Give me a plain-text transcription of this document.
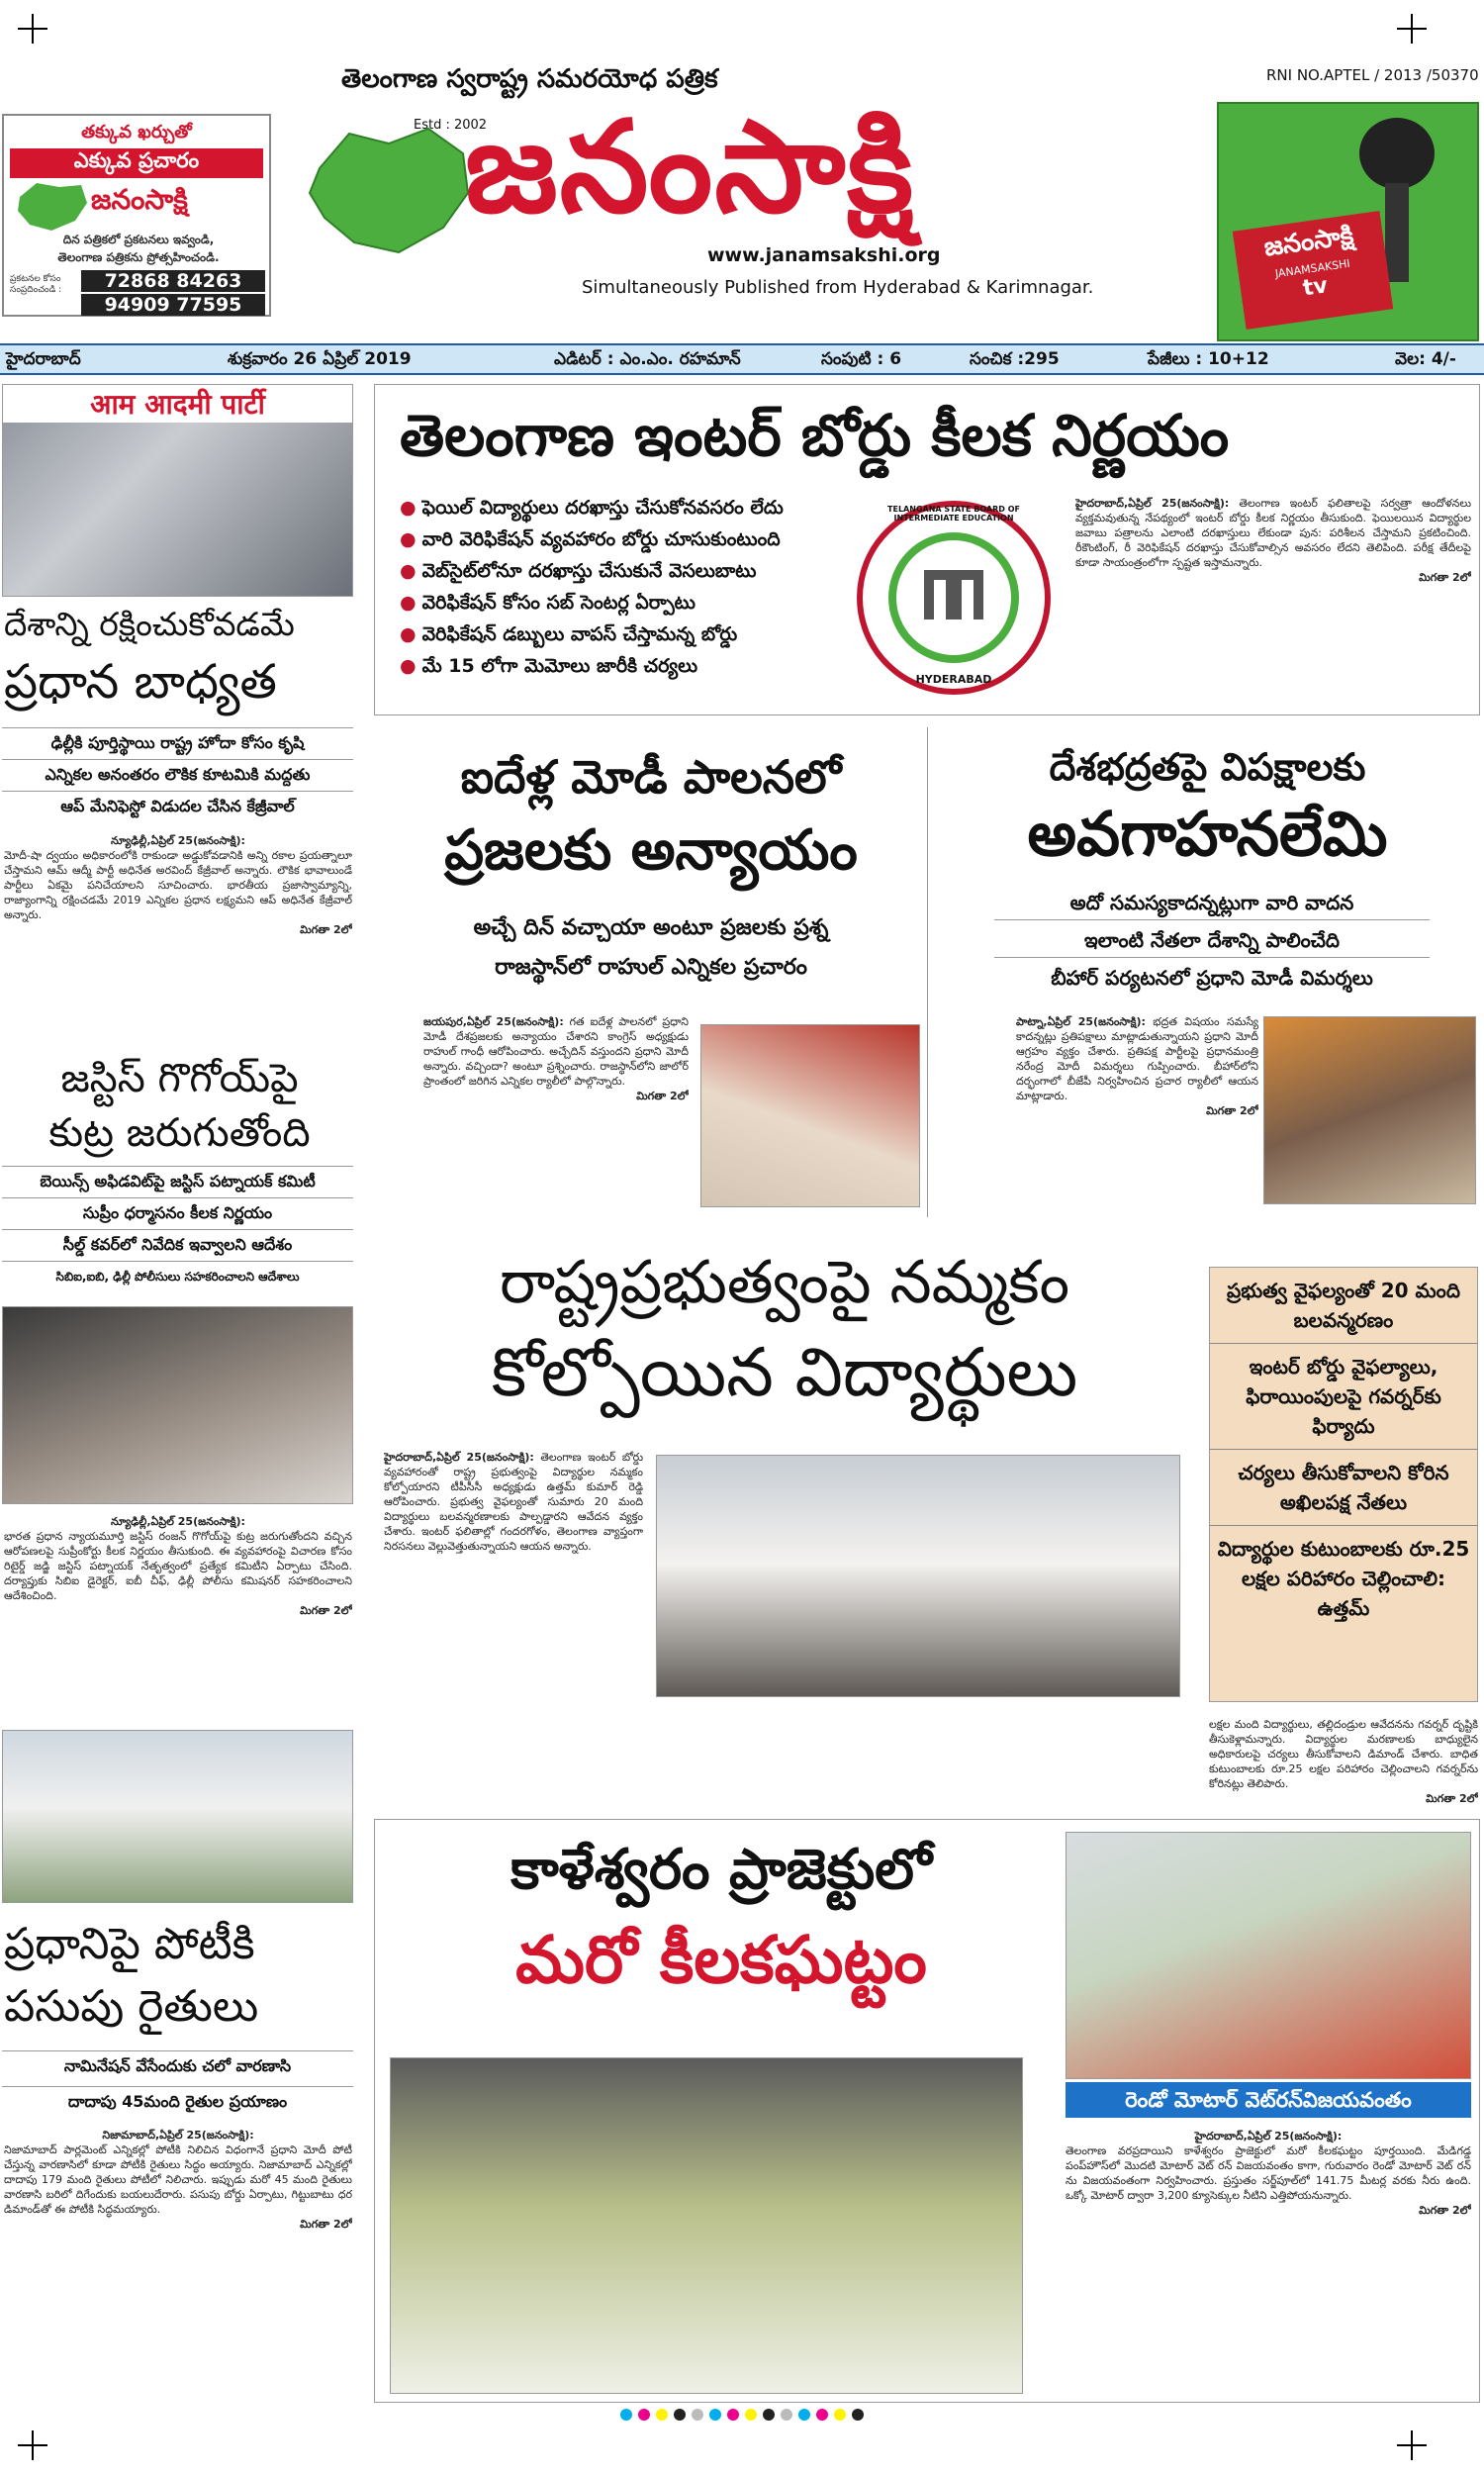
తక్కువ ఖర్చుతో
ఎక్కువ ప్రచారం
జనంసాక్షి
దిన పత్రికలో ప్రకటనలు ఇవ్వండి,
తెలంగాణ పత్రికను ప్రోత్సహించండి.
ప్రకటనల కోసం సంప్రదించండి :	72868 84263
94909 77595
తెలంగాణ స్వరాష్ట్ర సమరయోధ పత్రిక
Estd : 2002
జనంసాక్షి
www.janamsakshi.org
Simultaneously Published from Hyderabad & Karimnagar.
RNI NO.APTEL / 2013 /50370
జనంసాక్షి
JANAMSAKSHI
tv
హైదరాబాద్	శుక్రవారం 26 ఏప్రిల్ 2019	ఎడిటర్ : ఎం.ఎం. రహమాన్	సంపుటి : 6	సంచిక :295	పేజీలు : 10+12	వెల: 4/-
आम आदमी पार्टी
దేశాన్ని రక్షించుకోవడమే
ప్రధాన బాధ్యత
ఢిల్లీకి పూర్తిస్థాయి రాష్ట్ర హోదా కోసం కృషి
ఎన్నికల అనంతరం లౌకిక కూటమికి మద్దతు
ఆప్ మేనిఫెస్టో విడుదల చేసిన కేజ్రీవాల్
న్యూఢిల్లీ,ఏప్రిల్ 25(జనంసాక్షి):
మోదీ-షా ద్వయం అధికారంలోకి రాకుండా అడ్డుకోవడానికి అన్ని రకాల ప్రయత్నాలూ చేస్తామని ఆమ్ ఆద్మీ పార్టీ అధినేత అరవింద్ కేజ్రీవాల్ అన్నారు. లౌకిక భావాలుండే పార్టీలు ఏకమై పనిచేయాలని సూచించారు. భారతీయ ప్రజాస్వామ్యాన్ని, రాజ్యాంగాన్ని రక్షించడమే 2019 ఎన్నికల ప్రధాన లక్ష్యమని ఆప్ అధినేత కేజ్రీవాల్ అన్నారు.
మిగతా 2లో
జస్టిస్ గొగోయ్‌పై
కుట్ర జరుగుతోంది
బెయిన్స్ అఫిడవిట్‌పై జస్టిస్ పట్నాయక్ కమిటీ
సుప్రీం ధర్మాసనం కీలక నిర్ణయం
సీల్డ్ కవర్‌లో నివేదిక ఇవ్వాలని ఆదేశం
సిబిఐ,ఐబి, ఢిల్లీ పోలీసులు సహకరించాలని ఆదేశాలు
న్యూఢిల్లీ,ఏప్రిల్ 25(జనంసాక్షి):
భారత ప్రధాన న్యాయమూర్తి జస్టిస్ రంజన్ గొగోయ్‌పై కుట్ర జరుగుతోందని వచ్చిన ఆరోపణలపై సుప్రీంకోర్టు కీలక నిర్ణయం తీసుకుంది. ఈ వ్యవహారంపై విచారణ కోసం రిటైర్డ్ జడ్జి జస్టిస్ పట్నాయక్ నేతృత్వంలో ప్రత్యేక కమిటీని ఏర్పాటు చేసింది. దర్యాప్తుకు సిబిఐ డైరెక్టర్, ఐబీ చీఫ్, ఢిల్లీ పోలీసు కమిషనర్ సహకరించాలని ఆదేశించింది.
మిగతా 2లో
ప్రధానిపై పోటీకి
పసుపు రైతులు
నామినేషన్ వేసేందుకు చలో వారణాసి
దాదాపు 45మంది రైతుల ప్రయాణం
నిజామాబాద్,ఏప్రిల్ 25(జనంసాక్షి):
నిజామాబాద్ పార్లమెంట్ ఎన్నికల్లో పోటీకి నిలిచిన విధంగానే ప్రధాని మోదీ పోటీ చేస్తున్న వారణాసిలో కూడా పోటీకి రైతులు సిద్ధం అయ్యారు. నిజామాబాద్ ఎన్నికల్లో దాదాపు 179 మంది రైతులు పోటీలో నిలిచారు. ఇప్పుడు మరో 45 మంది రైతులు వారణాసి బరిలో దిగేందుకు బయలుదేరారు. పసుపు బోర్డు ఏర్పాటు, గిట్టుబాటు ధర డిమాండ్‌తో ఈ పోటీకి సిద్ధమయ్యారు.
మిగతా 2లో
తెలంగాణ ఇంటర్ బోర్డు కీలక నిర్ణయం
● ఫెయిల్ విద్యార్థులు దరఖాస్తు చేసుకోనవసరం లేదు
● వారి వెరిఫికేషన్ వ్యవహారం బోర్డు చూసుకుంటుంది
● వెబ్‌సైట్‌లోనూ దరఖాస్తు చేసుకునే వెసలుబాటు
● వెరిఫికేషన్ కోసం సబ్ సెంటర్ల ఏర్పాటు
● వెరిఫికేషన్ డబ్బులు వాపస్ చేస్తామన్న బోర్డు
● మే 15 లోగా మెమోలు జారీకి చర్యలు
TELANGANA STATE BOARD OF INTERMEDIATE EDUCATION
HYDERABAD
హైదరాబాద్,ఏప్రిల్ 25(జనంసాక్షి): తెలంగాణ ఇంటర్ ఫలితాలపై సర్వత్రా ఆందోళనలు వ్యక్తమవుతున్న నేపథ్యంలో ఇంటర్ బోర్డు కీలక నిర్ణయం తీసుకుంది. ఫెయిలయిన విద్యార్థుల జవాబు పత్రాలను ఎలాంటి దరఖాస్తులు లేకుండా పున: పరిశీలన చేస్తామని ప్రకటించింది. రీకౌంటింగ్, రీ వెరిఫికేషన్ దరఖాస్తు చేసుకోవాల్సిన అవసరం లేదని తెలిపింది. పరీక్ష తేదీలపై కూడా సాయంత్రంలోగా స్పష్టత ఇస్తామన్నారు.
మిగతా 2లో
ఐదేళ్ల మోడీ పాలనలో
ప్రజలకు అన్యాయం
అచ్చే దిన్ వచ్చాయా అంటూ ప్రజలకు ప్రశ్న
రాజస్థాన్‌లో రాహుల్ ఎన్నికల ప్రచారం
జయపుర,ఏప్రిల్ 25(జనంసాక్షి): గత ఐదేళ్ల పాలనలో ప్రధాని మోడీ దేశప్రజలకు అన్యాయం చేశారని కాంగ్రెస్ అధ్యక్షుడు రాహుల్ గాంధీ ఆరోపించారు. అచ్చేదిన్ వస్తుందని ప్రధాని మోదీ అన్నారు. వచ్చిందా? అంటూ ప్రశ్నించారు. రాజస్థాన్‌లోని జాలోర్ ప్రాంతంలో జరిగిన ఎన్నికల ర్యాలీలో పాల్గొన్నారు.
మిగతా 2లో
దేశభద్రతపై విపక్షాలకు
అవగాహనలేమి
అదో సమస్యకాదన్నట్లుగా వారి వాదన
ఇలాంటి నేతలా దేశాన్ని పాలించేది
బీహార్ పర్యటనలో ప్రధాని మోడీ విమర్శలు
పాట్నా,ఏప్రిల్ 25(జనంసాక్షి): భద్రత విషయం సమస్యే కాదన్నట్లు ప్రతిపక్షాలు మాట్లాడుతున్నాయని ప్రధాని మోదీ ఆగ్రహం వ్యక్తం చేశారు. ప్రతిపక్ష పార్టీలపై ప్రధానమంత్రి నరేంద్ర మోదీ విమర్శలు గుప్పించారు. బీహార్‌లోని దర్భంగాలో బీజేపీ నిర్వహించిన ప్రచార ర్యాలీలో ఆయన మాట్లాడారు.
మిగతా 2లో
రాష్ట్రప్రభుత్వంపై నమ్మకం
కోల్పోయిన విద్యార్థులు
హైదరాబాద్,ఏప్రిల్ 25(జనంసాక్షి): తెలంగాణ ఇంటర్ బోర్డు వ్యవహారంతో రాష్ట్ర ప్రభుత్వంపై విద్యార్థుల నమ్మకం కోల్పోయారని టీపీసీసీ అధ్యక్షుడు ఉత్తమ్ కుమార్ రెడ్డి ఆరోపించారు. ప్రభుత్వ వైఫల్యంతో సుమారు 20 మంది విద్యార్థులు బలవన్మరణాలకు పాల్పడ్డారని ఆవేదన వ్యక్తం చేశారు. ఇంటర్ ఫలితాల్లో గందరగోళం, తెలంగాణ వ్యాప్తంగా నిరసనలు వెల్లువెత్తుతున్నాయని ఆయన అన్నారు.
లక్షల మంది విద్యార్థులు, తల్లిదండ్రుల ఆవేదనను గవర్నర్ దృష్టికి తీసుకెళ్లామన్నారు. విద్యార్థుల మరణాలకు బాధ్యులైన అధికారులపై చర్యలు తీసుకోవాలని డిమాండ్ చేశారు. బాధిత కుటుంబాలకు రూ.25 లక్షల పరిహారం చెల్లించాలని గవర్నర్‌ను కోరినట్లు తెలిపారు.
మిగతా 2లో
ప్రభుత్వ వైఫల్యంతో 20 మంది బలవన్మరణం
ఇంటర్ బోర్డు వైఫల్యాలు, ఫిరాయింపులపై గవర్నర్‌కు ఫిర్యాదు
చర్యలు తీసుకోవాలని కోరిన అఖిలపక్ష నేతలు
విద్యార్థుల కుటుంబాలకు రూ.25 లక్షల పరిహారం చెల్లించాలి: ఉత్తమ్
కాళేశ్వరం ప్రాజెక్టులో
మరో కీలకఘట్టం
రెండో మోటార్ వెట్‌రన్‌విజయవంతం
హైదరాబాద్,ఏప్రిల్ 25(జనంసాక్షి):
తెలంగాణ వరప్రదాయిని కాళేశ్వరం ప్రాజెక్టులో మరో కీలకఘట్టం పూర్తయింది. మేడిగడ్డ పంప్‌హౌస్‌లో మొదటి మోటార్ వెట్ రన్ విజయవంతం కాగా, గురువారం రెండో మోటార్ వెట్ రన్ ను విజయవంతంగా నిర్వహించారు. ప్రస్తుతం సర్జ్‌పూల్‌లో 141.75 మీటర్ల వరకు నీరు ఉంది. ఒక్కో మోటార్ ద్వారా 3,200 క్యూసెక్కుల నీటిని ఎత్తిపోయనున్నారు.
మిగతా 2లో
